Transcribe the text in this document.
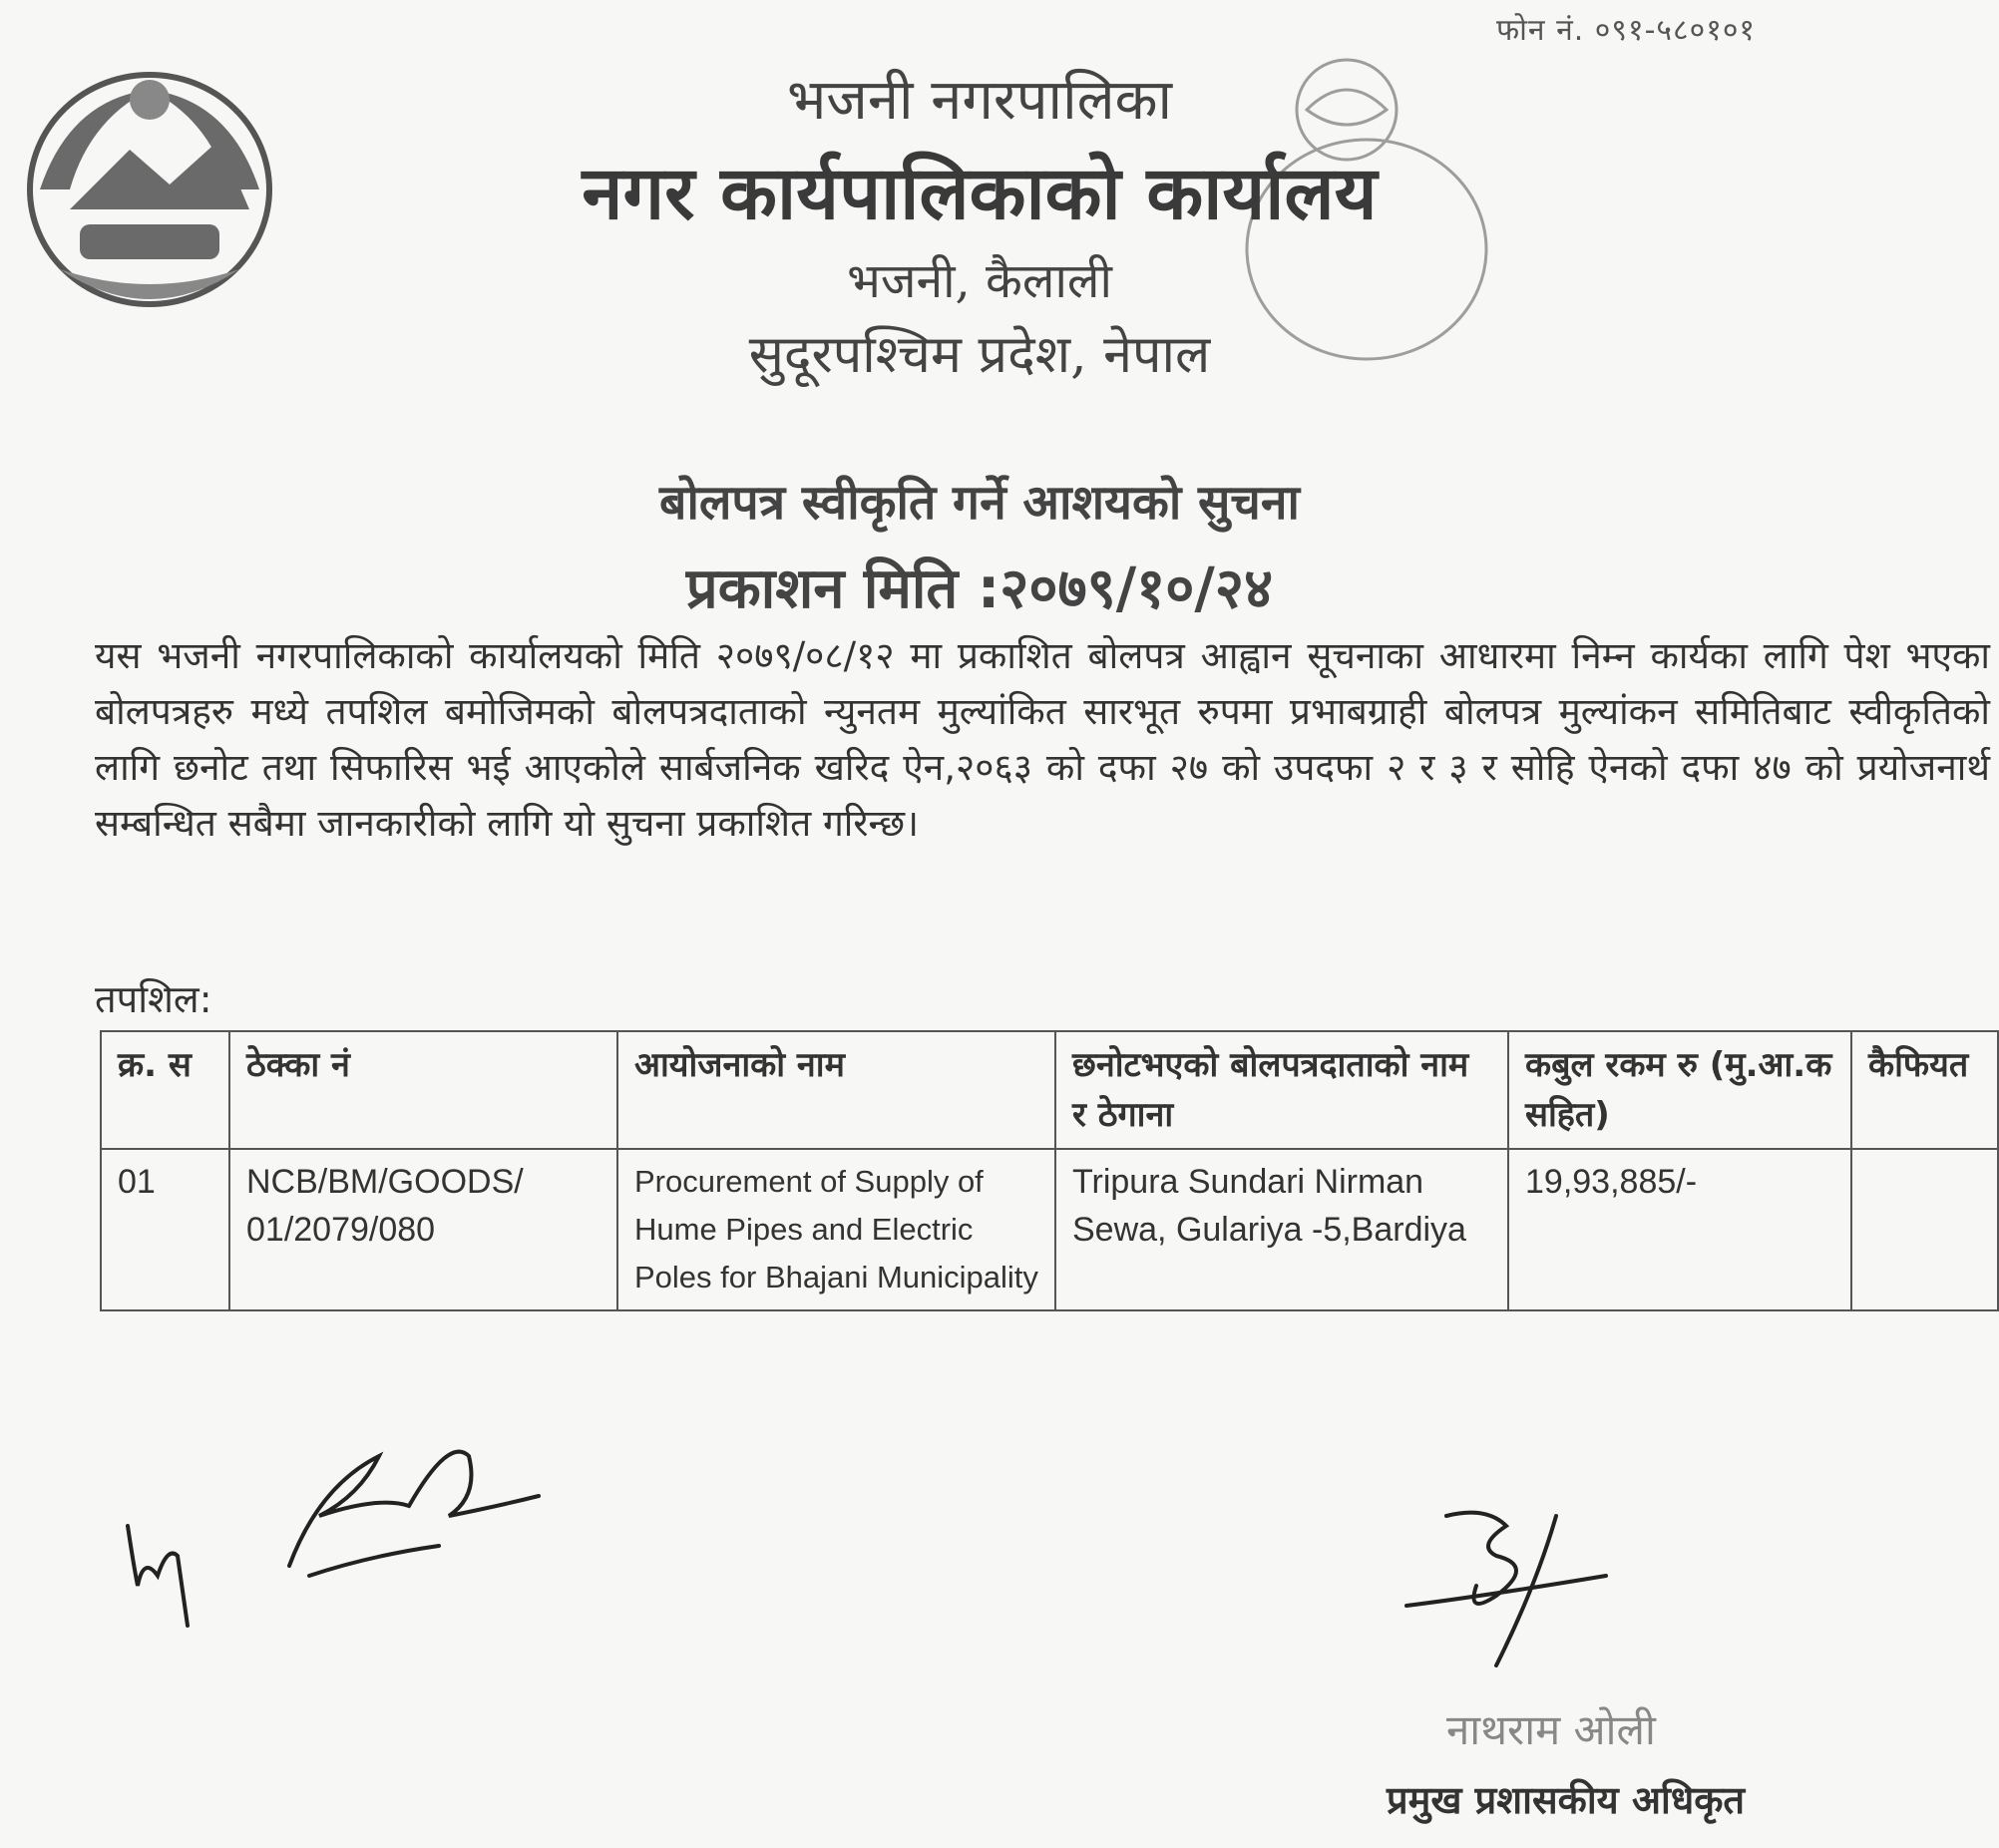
फोन नं. ०९१-५८०१०१
भजनी नगरपालिका
नगर कार्यपालिकाको कार्यालय
भजनी, कैलाली
सुदूरपश्चिम प्रदेश, नेपाल
बोलपत्र स्वीकृति गर्ने आशयको सुचना
प्रकाशन मिति :२०७९/१०/२४
यस भजनी नगरपालिकाको कार्यालयको मिति २०७९/०८/१२ मा प्रकाशित बोलपत्र आह्वान सूचनाका आधारमा निम्न कार्यका लागि पेश भएका बोलपत्रहरु मध्ये तपशिल बमोजिमको बोलपत्रदाताको न्युनतम मुल्यांकित सारभूत रुपमा प्रभाबग्राही बोलपत्र मुल्यांकन समितिबाट स्वीकृतिको लागि छनोट तथा सिफारिस भई आएकोले सार्बजनिक खरिद ऐन,२०६३ को दफा २७ को उपदफा २ र ३ र सोहि ऐनको दफा ४७ को प्रयोजनार्थ सम्बन्धित सबैमा जानकारीको लागि यो सुचना प्रकाशित गरिन्छ।
तपशिल:
क्र. स	ठेक्का नं	आयोजनाको नाम	छनोटभएको बोलपत्रदाताको नाम र ठेगाना	कबुल रकम रु (मु.आ.क सहित)	कैफियत
01	NCB/BM/GOODS/ 01/2079/080	Procurement of Supply of Hume Pipes and Electric Poles for Bhajani Municipality	Tripura Sundari Nirman Sewa, Gulariya -5,Bardiya	19,93,885/-	
नाथराम ओली
प्रमुख प्रशासकीय अधिकृत
